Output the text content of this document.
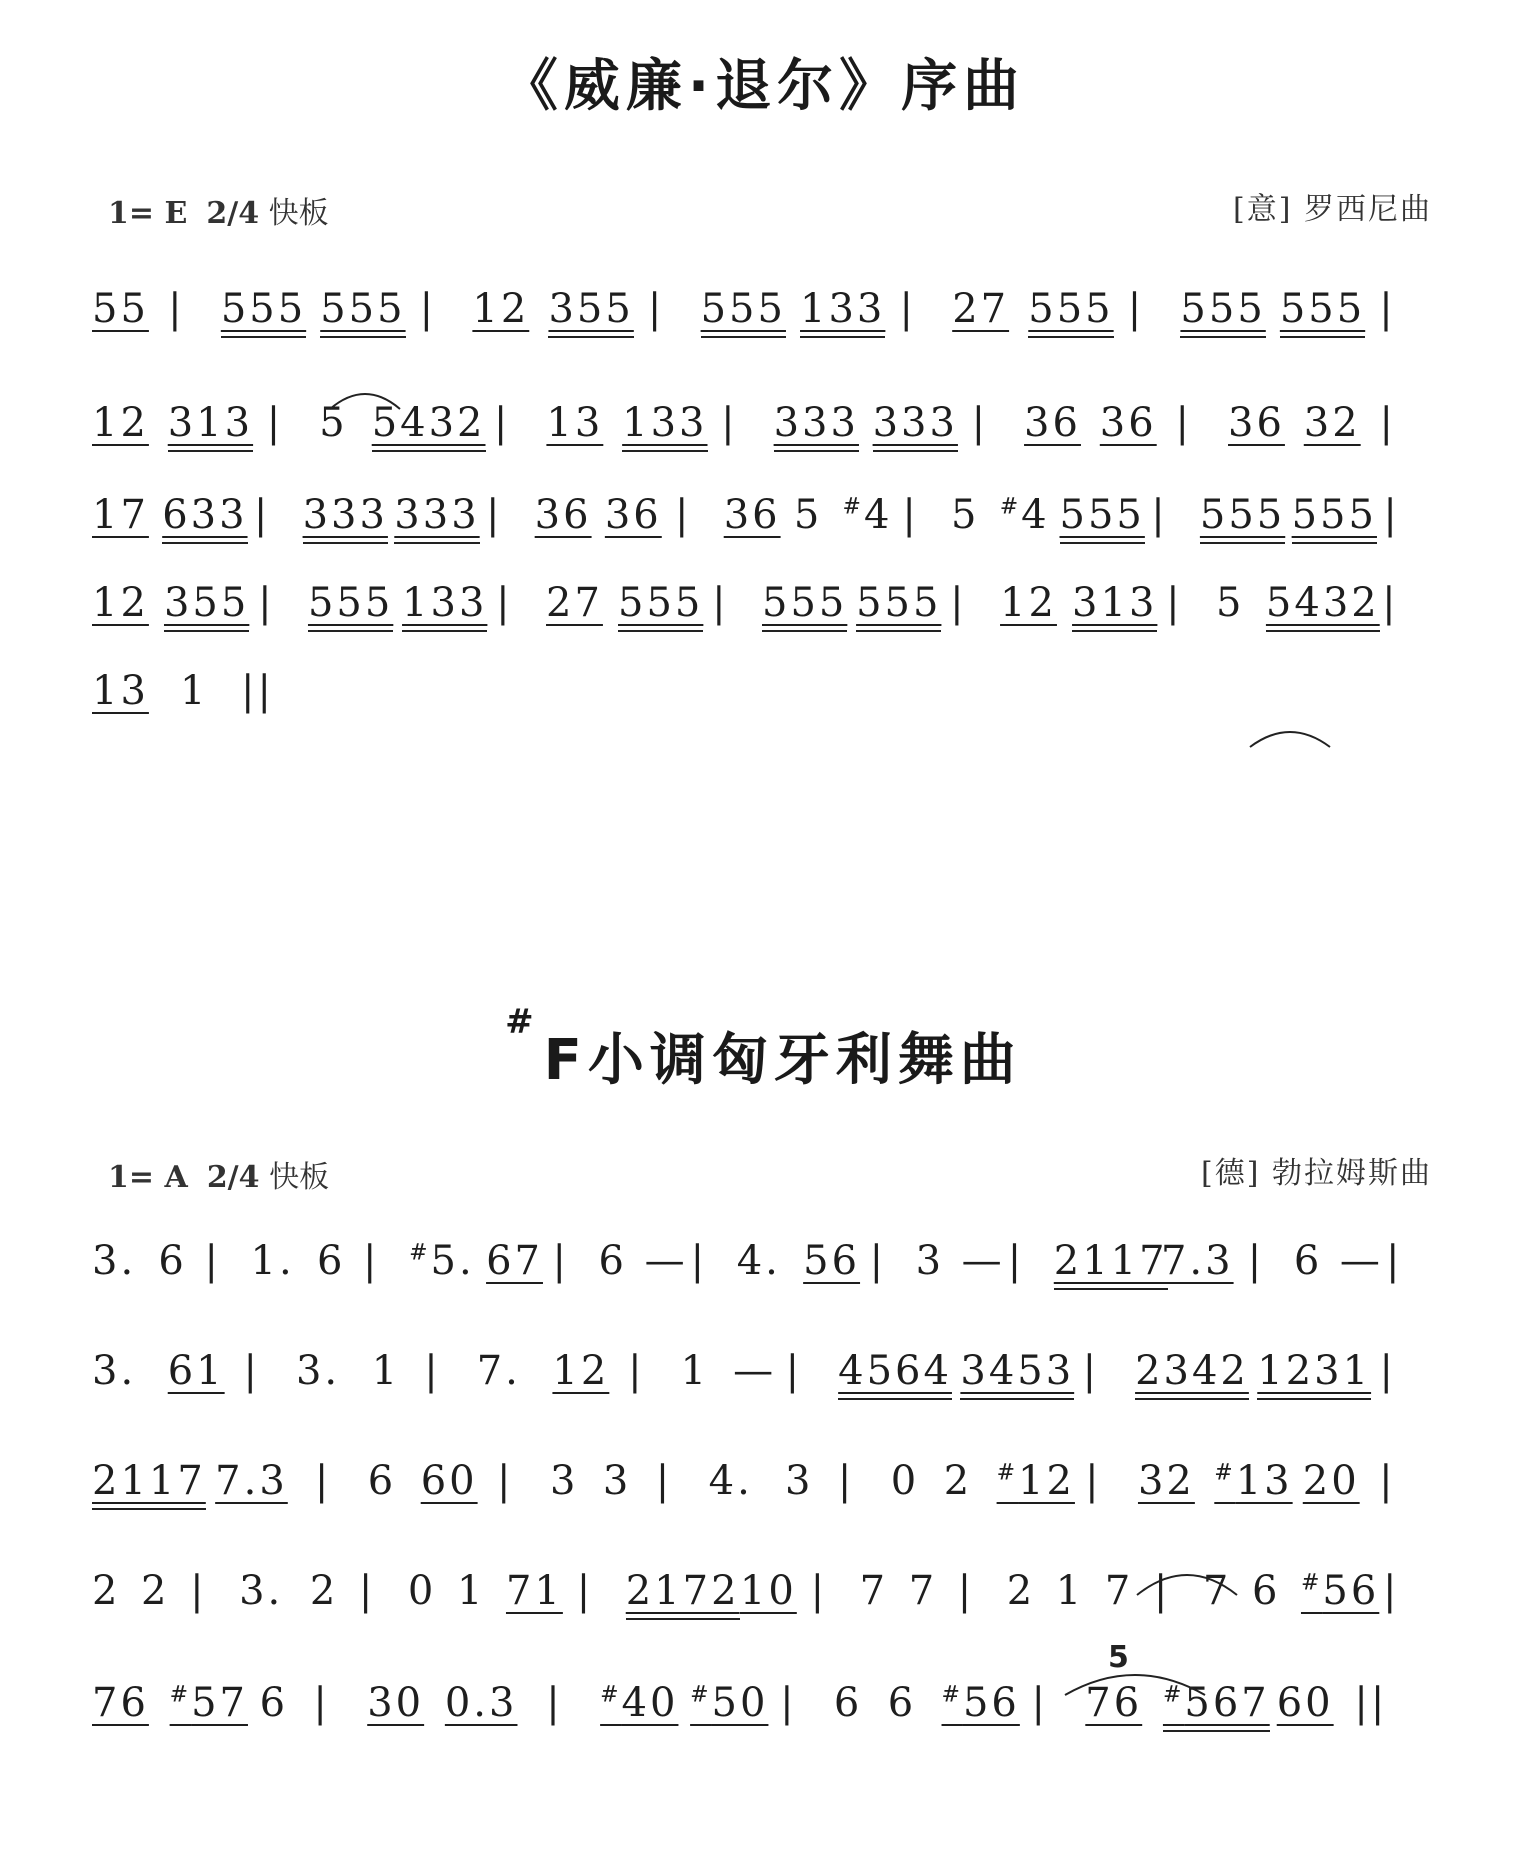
《威廉·退尔》序曲
1= E 2/4 快板	[意] 罗西尼曲
55 | 555 555 | 12 355 | 555 133 | 27 555 | 555 555 |
12 313 | 5 5432 | 13 133 | 333 333 | 36 36 | 36 32 |
17 633 | 333 333 | 36 36 | 36 5 #4 | 5 #4 555 | 555 555 |
12 355 | 555 133 | 27 555 | 555 555 | 12 313 | 5 5432 |
13 1 ||
#F小调匈牙利舞曲
1= A 2/4 快板	[德] 勃拉姆斯曲
3. 6 | 1. 6 | #5. 67 | 6 — | 4. 56 | 3 — | 2117
7.3 | 6 — |
3. 61 | 3. 1 | 7. 12 | 1 — | 4564 3453 | 2342 1231 |
2117 7.3 | 6 60 | 3 3 | 4. 3 | 0 2 #12 | 32 #13 20 |
2 2 | 3. 2 | 0 1 71 | 2172 10 | 7 7 | 2 1 7 | 7 6 #56 |
76 #57 6 | 30 0.3 | #40 #50 | 6 6 #56 | 76 #567 60 ||
5
